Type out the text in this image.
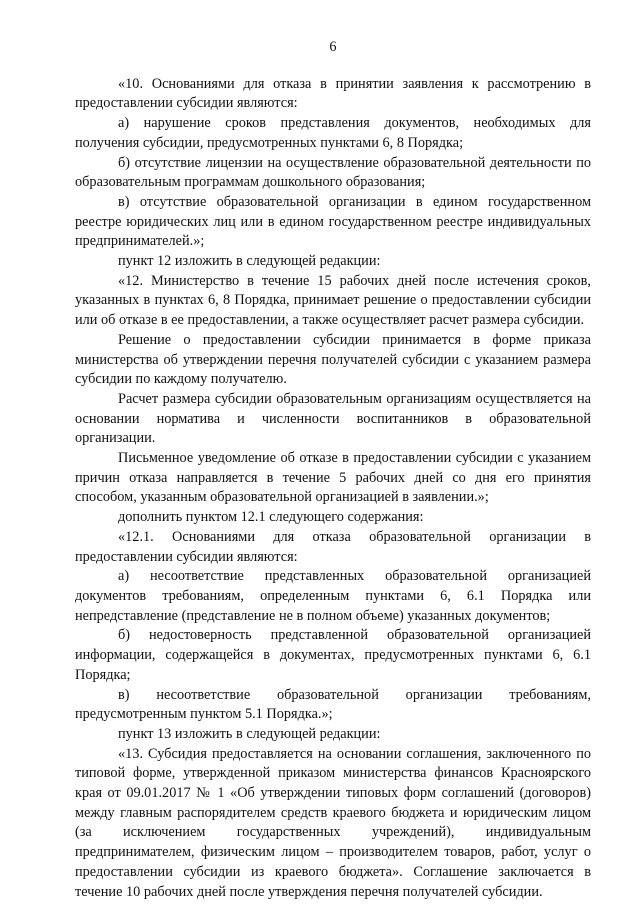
6

«10. Основаниями для отказа в принятии заявления к рассмотрению в предоставлении субсидии являются:

а) нарушение сроков представления документов, необходимых для получения субсидии, предусмотренных пунктами 6, 8 Порядка;

б) отсутствие лицензии на осуществление образовательной деятельности по образовательным программам дошкольного образования;

в) отсутствие образовательной организации в едином государственном реестре юридических лиц или в едином государственном реестре индивидуальных предпринимателей.»;

пункт 12 изложить в следующей редакции:

«12. Министерство в течение 15 рабочих дней после истечения сроков, указанных в пунктах 6, 8 Порядка, принимает решение о предоставлении субсидии или об отказе в ее предоставлении, а также осуществляет расчет размера субсидии.

Решение о предоставлении субсидии принимается в форме приказа министерства об утверждении перечня получателей субсидии с указанием размера субсидии по каждому получателю.

Расчет размера субсидии образовательным организациям осуществляется на основании норматива и численности воспитанников в образовательной организации.

Письменное уведомление об отказе в предоставлении субсидии с указанием причин отказа направляется в течение 5 рабочих дней со дня его принятия способом, указанным образовательной организацией в заявлении.»;

дополнить пунктом 12.1 следующего содержания:

«12.1. Основаниями для отказа образовательной организации в предоставлении субсидии являются:

а) несоответствие представленных образовательной организацией документов требованиям, определенным пунктами 6, 6.1 Порядка или непредставление (представление не в полном объеме) указанных документов;

б) недостоверность представленной образовательной организацией информации, содержащейся в документах, предусмотренных пунктами 6, 6.1 Порядка;

в) несоответствие образовательной организации требованиям, предусмотренным пунктом 5.1 Порядка.»;

пункт 13 изложить в следующей редакции:

«13. Субсидия предоставляется на основании соглашения, заключенного по типовой форме, утвержденной приказом министерства финансов Красноярского края от 09.01.2017 № 1 «Об утверждении типовых форм соглашений (договоров) между главным распорядителем средств краевого бюджета и юридическим лицом (за исключением государственных учреждений), индивидуальным предпринимателем, физическим лицом – производителем товаров, работ, услуг о предоставлении субсидии из краевого бюджета». Соглашение заключается в течение 10 рабочих дней после утверждения перечня получателей субсидии.
